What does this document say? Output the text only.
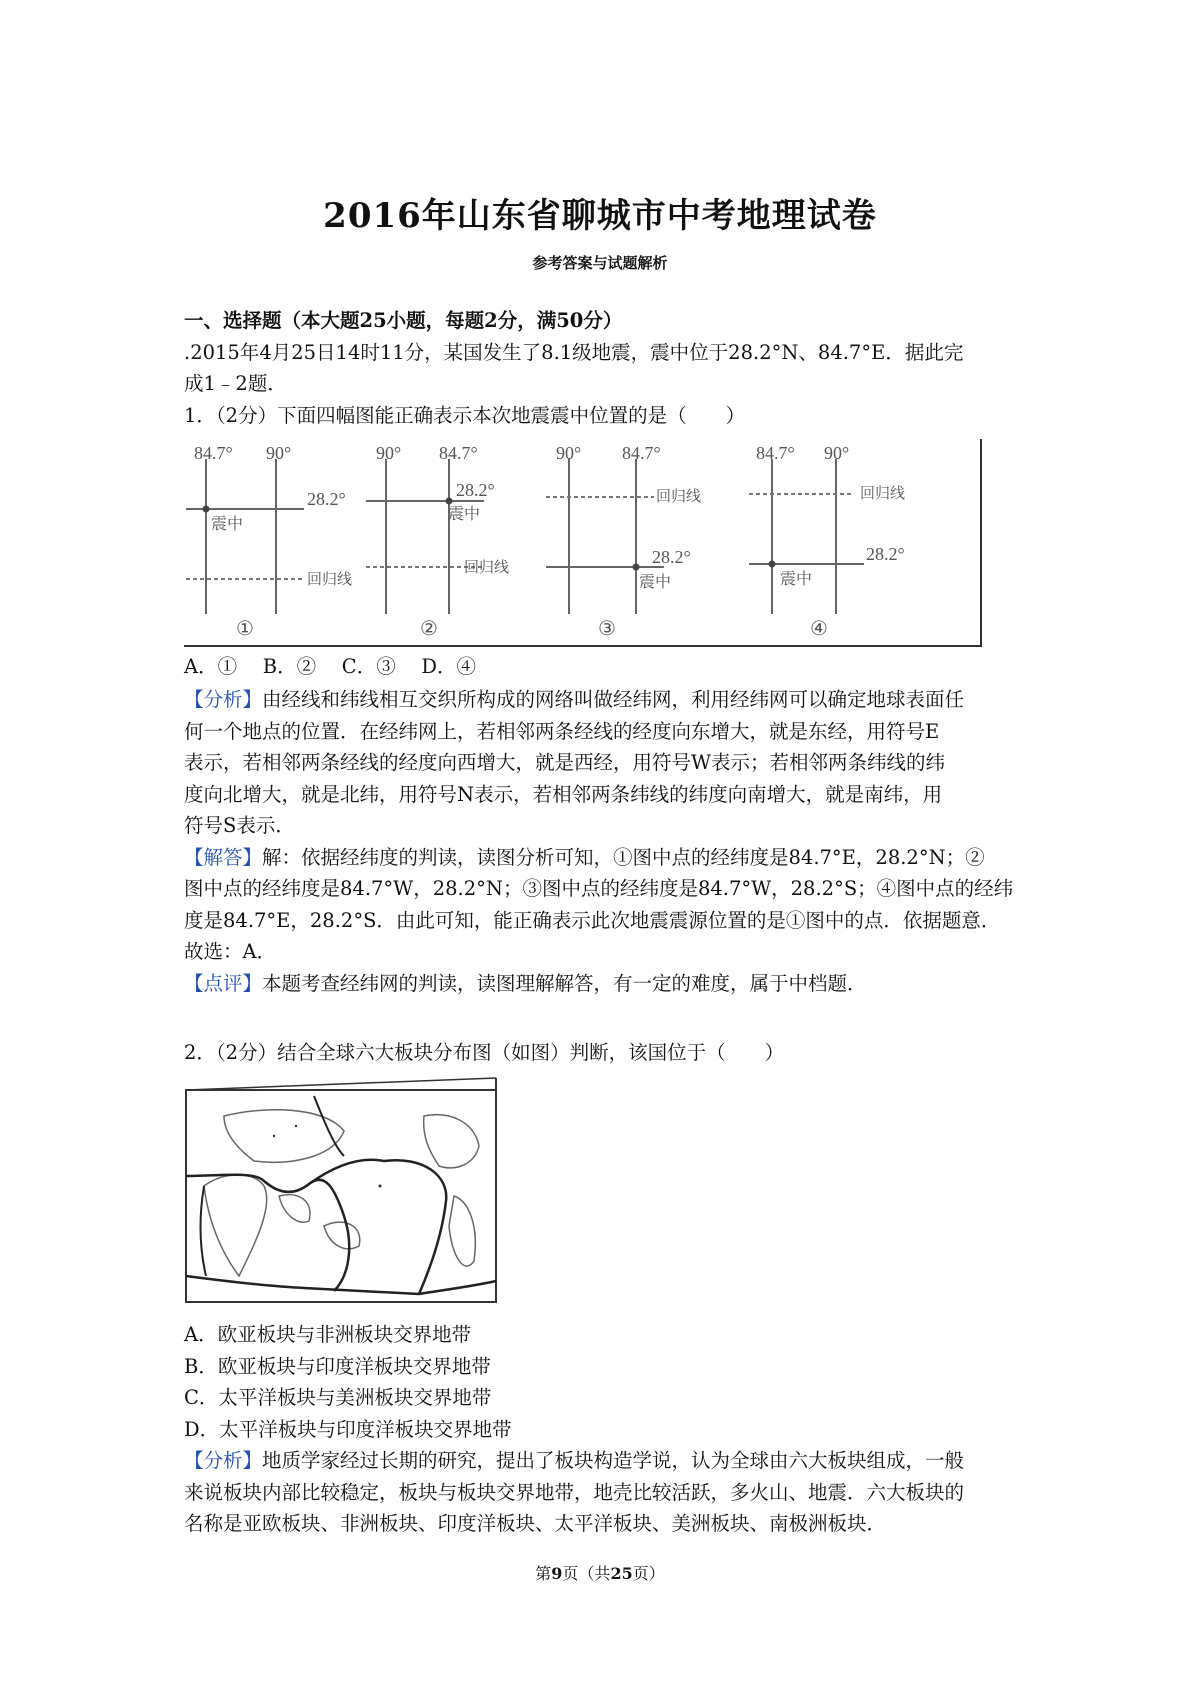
2016年山东省聊城市中考地理试卷
参考答案与试题解析
一、选择题（本大题25小题，每题2分，满50分）
.2015年4月25日14时11分，某国发生了8.1级地震，震中位于28.2°N、84.7°E．据此完
成1﹣2题．
1．（2分）下面四幅图能正确表示本次地震震中位置的是（　　）
84.7° 90°
28.2°
震中
回归线
①
90° 84.7°
28.2°
震中
回归线
②
90° 84.7°
回归线
28.2°
震中
③
84.7° 90°
回归线
28.2°
震中
④
A．①　 B．②　 C．③　 D．④
【分析】由经线和纬线相互交织所构成的网络叫做经纬网，利用经纬网可以确定地球表面任
何一个地点的位置．在经纬网上，若相邻两条经线的经度向东增大，就是东经，用符号E
表示，若相邻两条经线的经度向西增大，就是西经，用符号W表示；若相邻两条纬线的纬
度向北增大，就是北纬，用符号N表示，若相邻两条纬线的纬度向南增大，就是南纬，用
符号S表示．
【解答】解：依据经纬度的判读，读图分析可知，①图中点的经纬度是84.7°E，28.2°N；②
图中点的经纬度是84.7°W，28.2°N；③图中点的经纬度是84.7°W，28.2°S；④图中点的经纬
度是84.7°E，28.2°S．由此可知，能正确表示此次地震震源位置的是①图中的点．依据题意．
故选：A．
【点评】本题考查经纬网的判读，读图理解解答，有一定的难度，属于中档题．
2．（2分）结合全球六大板块分布图（如图）判断，该国位于（　　）
A．欧亚板块与非洲板块交界地带
B．欧亚板块与印度洋板块交界地带
C．太平洋板块与美洲板块交界地带
D．太平洋板块与印度洋板块交界地带
【分析】地质学家经过长期的研究，提出了板块构造学说，认为全球由六大板块组成，一般
来说板块内部比较稳定，板块与板块交界地带，地壳比较活跃，多火山、地震．六大板块的
名称是亚欧板块、非洲板块、印度洋板块、太平洋板块、美洲板块、南极洲板块．
第9页（共25页）
